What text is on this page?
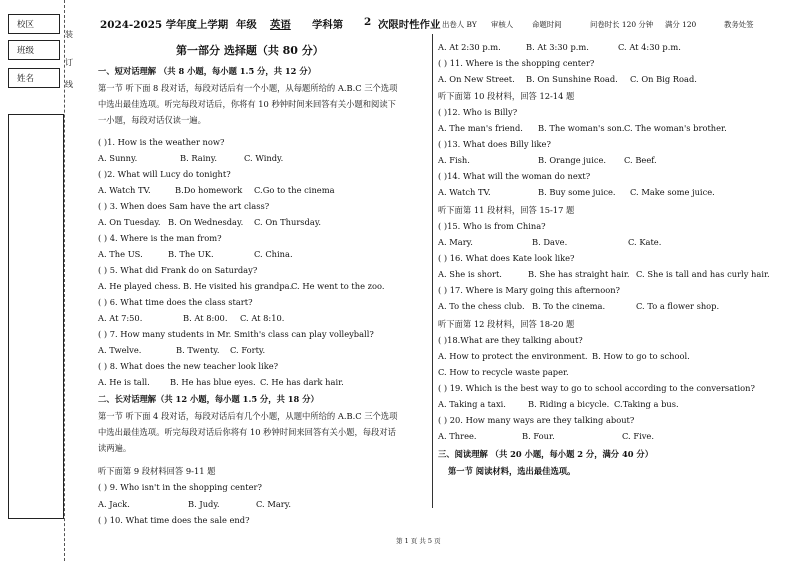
校区
班级
姓名
装
订
线
2024-2025 学年度上学期 年级 英语 学科第 2 次限时性作业 出卷人 BY 审核人	命题时间	问卷时长 120 分钟 满分 120	教务处签
第一部分 选择题（共 80 分）
一、短对话理解 （共 8 小题，每小题 1.5 分，共 12 分）
第一节 听下面 8 段对话，每段对话后有一个小题，从每题所给的 A.B.C 三个选项
中选出最佳选项。听完每段对话后，你将有 10 秒钟时间来回答有关小题和阅读下
一小题，每段对话仅读一遍。
( )1. How is the weather now?
A. Sunny.	B. Rainy.	C. Windy.
( )2. What will Lucy do tonight?
A. Watch TV.	B.Do homework C.Go to the cinema
( ) 3. When does Sam have the art class?
A. On Tuesday. B. On Wednesday. C. On Thursday.
( ) 4. Where is the man from?
A. The US.	B. The UK.	C. China.
( ) 5. What did Frank do on Saturday?
A. He played chess. B. He visited his grandpa.
C. He went to the zoo.
( ) 6. What time does the class start?
A. At 7:50.	B. At 8:00. C. At 8:10.
( ) 7. How many students in Mr. Smith's class can play volleyball?
A. Twelve.	B. Twenty. C. Forty.
( ) 8. What does the new teacher look like?
A. He is tall. B. He has blue eyes. C. He has dark hair.
二、长对话理解（共 12 小题，每小题 1.5 分，共 18 分）
第一节 听下面 4 段对话，每段对话后有几个小题，从题中所给的 A.B.C 三个选项
中选出最佳选项。听完每段对话后你将有 10 秒钟时间来回答有关小题，每段对话
读两遍。
听下面第 9 段材料回答 9-11 题
( ) 9. Who isn't in the shopping center?
A. Jack.	B. Judy.	C. Mary.
( ) 10. What time does the sale end?
A. At 2:30 p.m.	B. At 3:30 p.m.	C. At 4:30 p.m.
( ) 11. Where is the shopping center?
A. On New Street. B. On Sunshine Road. C. On Big Road.
听下面第 10 段材料，回答 12-14 题
( )12. Who is Billy?
A. The man's friend. B. The woman's son. C. The woman's brother.
( )13. What does Billy like?
A. Fish.	B. Orange juice. C. Beef.
( )14. What will the woman do next?
A. Watch TV.	B. Buy some juice. C. Make some juice.
听下面第 11 段材料，回答 15-17 题
( )15. Who is from China?
A. Mary.	B. Dave.	C. Kate.
( ) 16. What does Kate look like?
A. She is short.	B. She has straight hair. C. She is tall and has curly hair.
( ) 17. Where is Mary going this afternoon?
A. To the chess club. B. To the cinema.	C. To a flower shop.
听下面第 12 段材料，回答 18-20 题
( )18.What are they talking about?
A. How to protect the environment. B. How to go to school.
C. How to recycle waste paper.
( ) 19. Which is the best way to go to school according to the conversation?
A. Taking a taxi.	B. Riding a bicycle. C.Taking a bus.
( ) 20. How many ways are they talking about?
A. Three.	B. Four.	C. Five.
三、阅读理解 （共 20 小题，每小题 2 分，满分 40 分）
第一节 阅读材料，选出最佳选项。
第 1 页 共 5 页
